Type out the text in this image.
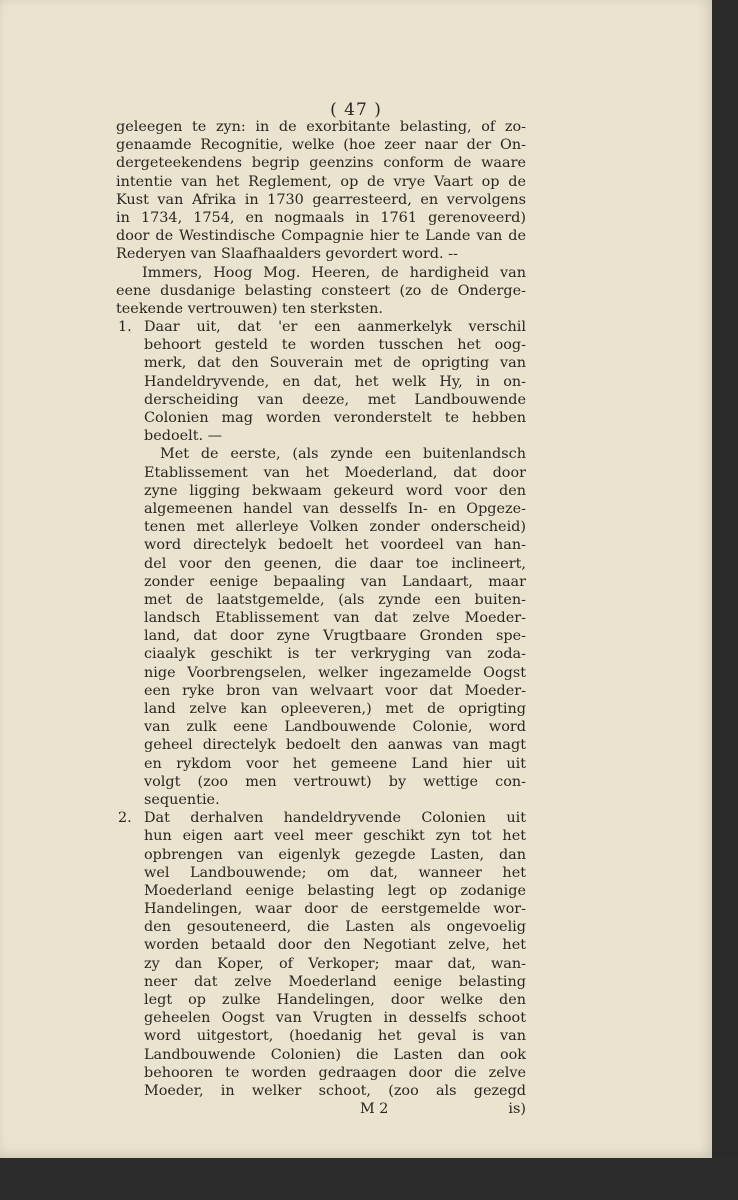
( 47 )
geleegen te zyn: in de exorbitante belasting, of zo-
genaamde Recognitie, welke (hoe zeer naar der On-
dergeteekendens begrip geenzins conform de waare
intentie van het Reglement, op de vrye Vaart op de
Kust van Afrika in 1730 gearresteerd, en vervolgens
in 1734, 1754, en nogmaals in 1761 gerenoveerd)
door de Westindische Compagnie hier te Lande van de
Rederyen van Slaafhaalders gevordert word. --
Immers, Hoog Mog. Heeren, de hardigheid van
eene dusdanige belasting consteert (zo de Onderge-
teekende vertrouwen) ten sterksten.
1. Daar uit, dat 'er een aanmerkelyk verschil
behoort gesteld te worden tusschen het oog-
merk, dat den Souverain met de oprigting van
Handeldryvende, en dat, het welk Hy, in on-
derscheiding van deeze, met Landbouwende
Colonien mag worden veronderstelt te hebben
bedoelt. —
Met de eerste, (als zynde een buitenlandsch
Etablissement van het Moederland, dat door
zyne ligging bekwaam gekeurd word voor den
algemeenen handel van desselfs In- en Opgeze-
tenen met allerleye Volken zonder onderscheid)
word directelyk bedoelt het voordeel van han-
del voor den geenen, die daar toe inclineert,
zonder eenige bepaaling van Landaart, maar
met de laatstgemelde, (als zynde een buiten-
landsch Etablissement van dat zelve Moeder-
land, dat door zyne Vrugtbaare Gronden spe-
ciaalyk geschikt is ter verkryging van zoda-
nige Voorbrengselen, welker ingezamelde Oogst
een ryke bron van welvaart voor dat Moeder-
land zelve kan opleeveren,) met de oprigting
van zulk eene Landbouwende Colonie, word
geheel directelyk bedoelt den aanwas van magt
en rykdom voor het gemeene Land hier uit
volgt (zoo men vertrouwt) by wettige con-
sequentie.
2. Dat derhalven handeldryvende Colonien uit
hun eigen aart veel meer geschikt zyn tot het
opbrengen van eigenlyk gezegde Lasten, dan
wel Landbouwende; om dat, wanneer het
Moederland eenige belasting legt op zodanige
Handelingen, waar door de eerstgemelde wor-
den gesouteneerd, die Lasten als ongevoelig
worden betaald door den Negotiant zelve, het
zy dan Koper, of Verkoper; maar dat, wan-
neer dat zelve Moederland eenige belasting
legt op zulke Handelingen, door welke den
geheelen Oogst van Vrugten in desselfs schoot
word uitgestort, (hoedanig het geval is van
Landbouwende Colonien) die Lasten dan ook
behooren te worden gedraagen door die zelve
Moeder, in welker schoot, (zoo als gezegd
M 2	is)
